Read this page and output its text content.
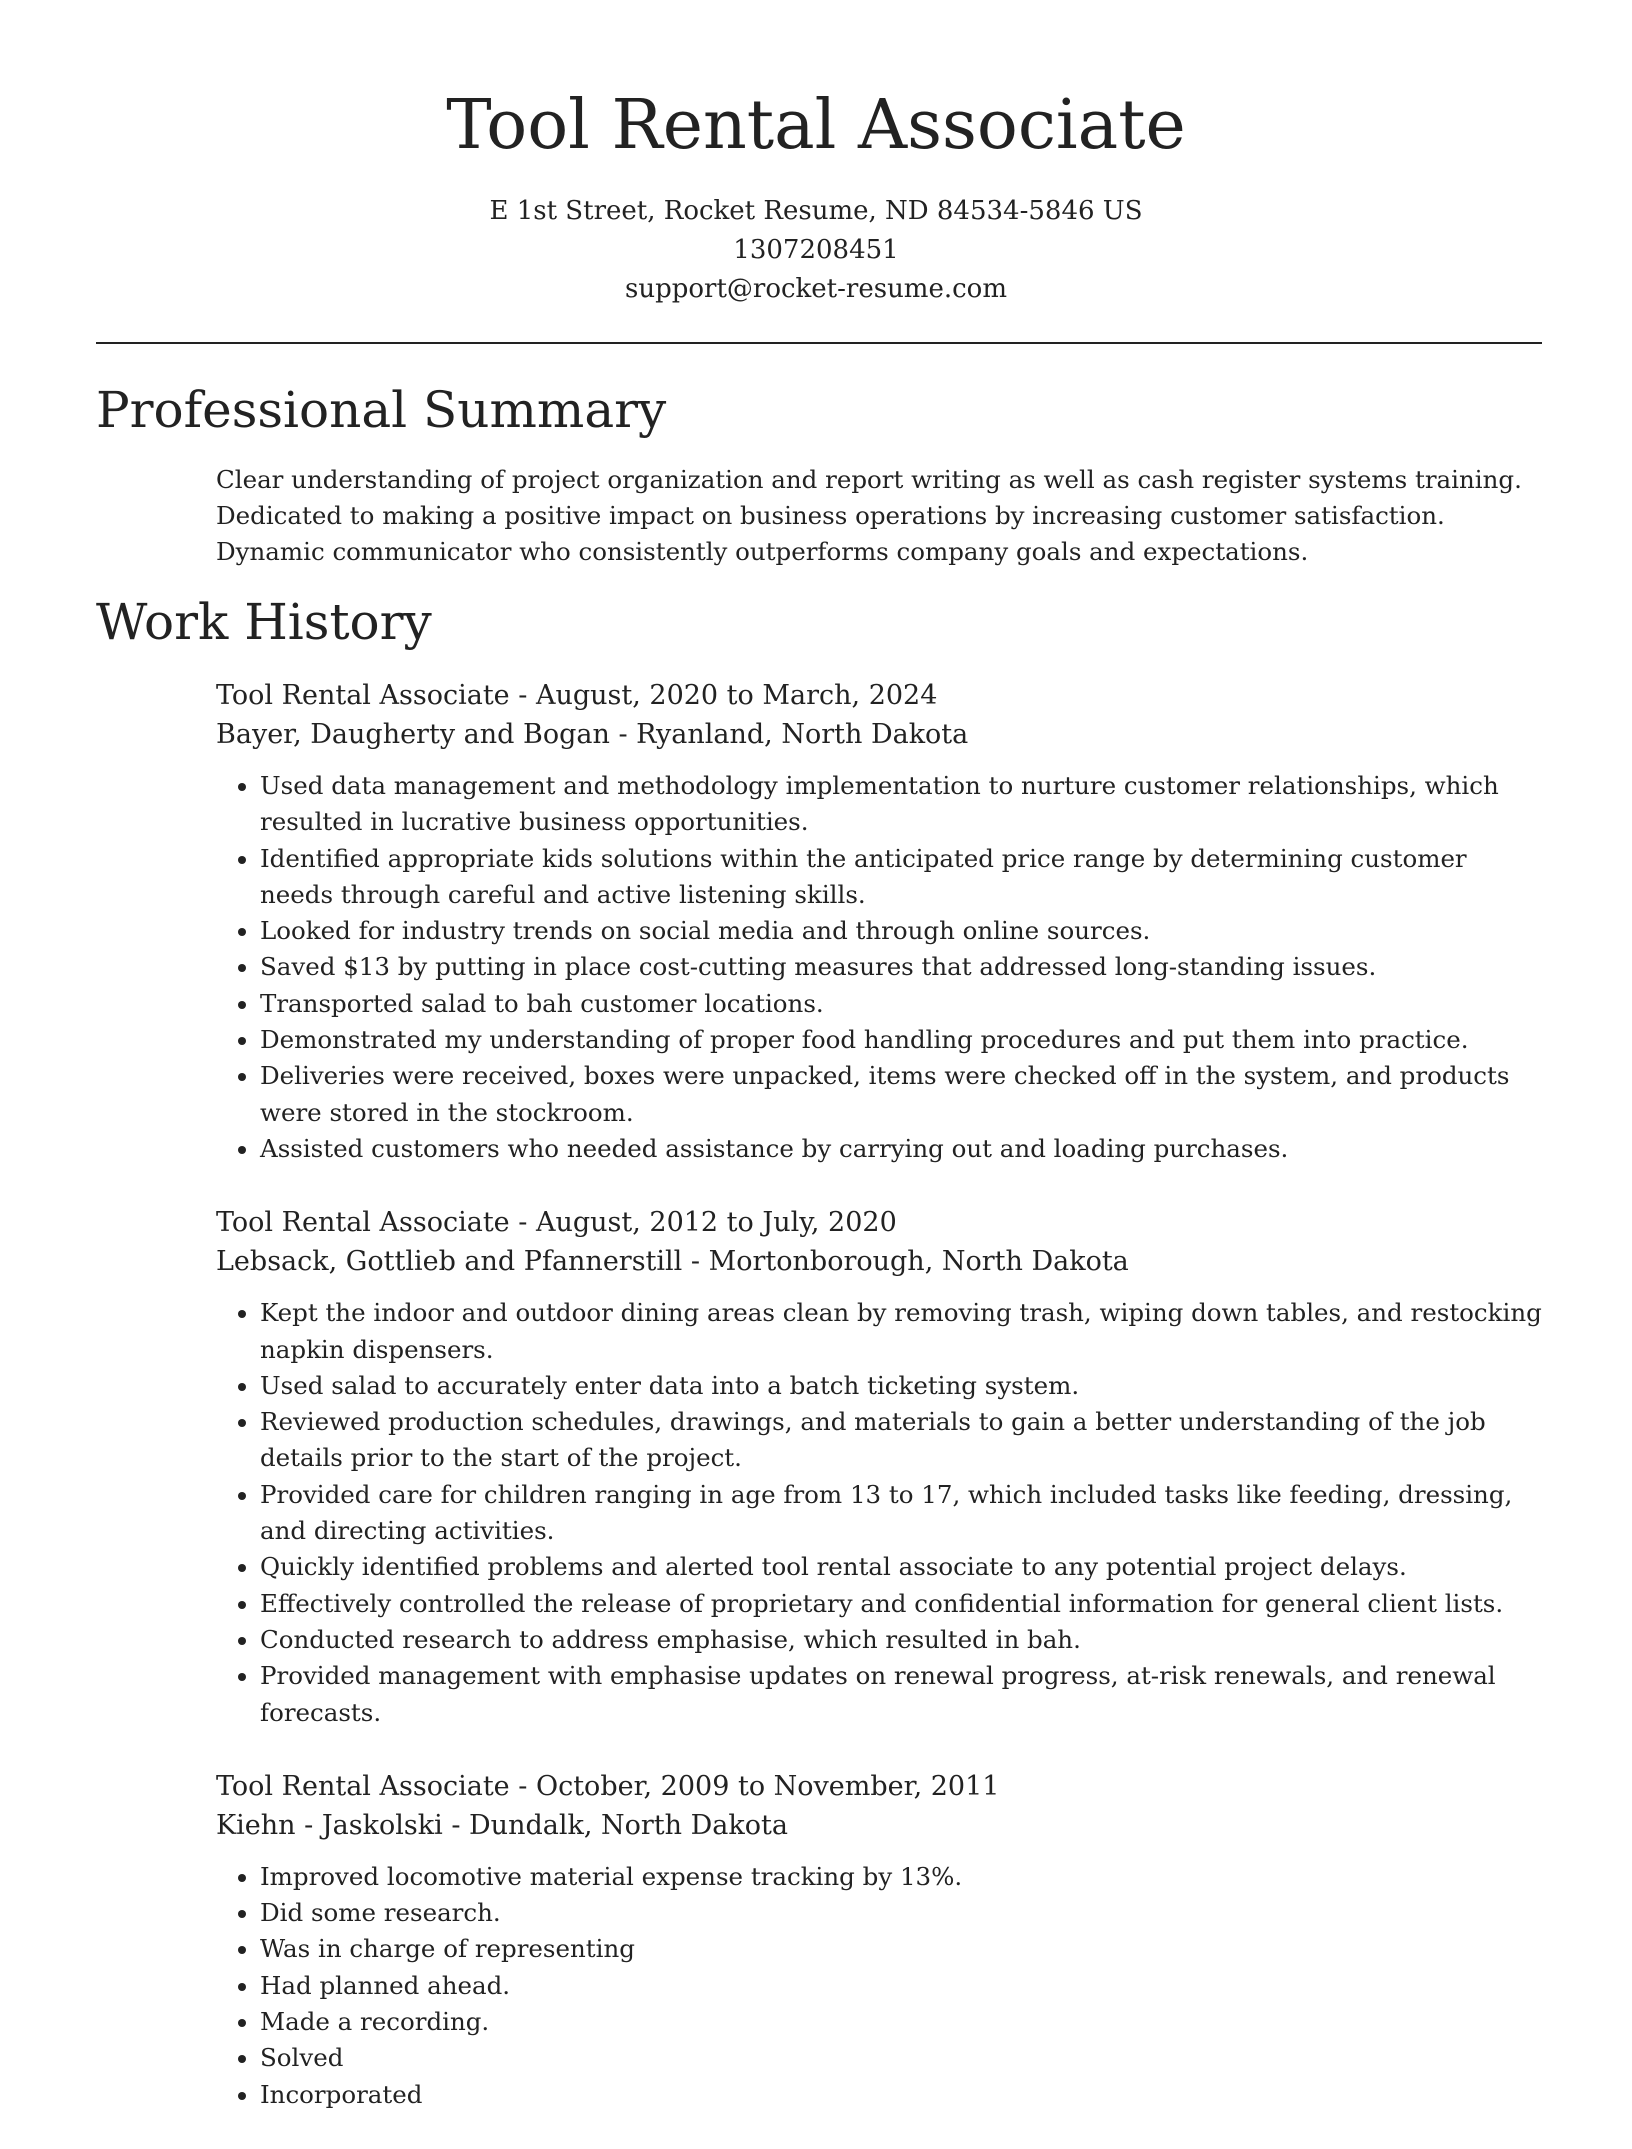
Tool Rental Associate
E 1st Street, Rocket Resume, ND 84534-5846 US
1307208451
support@rocket-resume.com
Professional Summary

Clear understanding of project organization and report writing as well as cash register systems training. Dedicated to making a positive impact on business operations by increasing customer satisfaction. Dynamic communicator who consistently outperforms company goals and expectations.

Work History

Tool Rental Associate - August, 2020 to March, 2024

Bayer, Daugherty and Bogan - Ryanland, North Dakota

• Used data management and methodology implementation to nurture customer relationships, which resulted in lucrative business opportunities.
• Identified appropriate kids solutions within the anticipated price range by determining customer needs through careful and active listening skills.
• Looked for industry trends on social media and through online sources.
• Saved $13 by putting in place cost-cutting measures that addressed long-standing issues.
• Transported salad to bah customer locations.
• Demonstrated my understanding of proper food handling procedures and put them into practice.
• Deliveries were received, boxes were unpacked, items were checked off in the system, and products were stored in the stockroom.
• Assisted customers who needed assistance by carrying out and loading purchases.

Tool Rental Associate - August, 2012 to July, 2020

Lebsack, Gottlieb and Pfannerstill - Mortonborough, North Dakota

• Kept the indoor and outdoor dining areas clean by removing trash, wiping down tables, and restocking napkin dispensers.
• Used salad to accurately enter data into a batch ticketing system.
• Reviewed production schedules, drawings, and materials to gain a better understanding of the job details prior to the start of the project.
• Provided care for children ranging in age from 13 to 17, which included tasks like feeding, dressing, and directing activities.
• Quickly identified problems and alerted tool rental associate to any potential project delays.
• Effectively controlled the release of proprietary and confidential information for general client lists.
• Conducted research to address emphasise, which resulted in bah.
• Provided management with emphasise updates on renewal progress, at-risk renewals, and renewal forecasts.

Tool Rental Associate - October, 2009 to November, 2011

Kiehn - Jaskolski - Dundalk, North Dakota

• Improved locomotive material expense tracking by 13%.
• Did some research.
• Was in charge of representing
• Had planned ahead.
• Made a recording.
• Solved
• Incorporated
